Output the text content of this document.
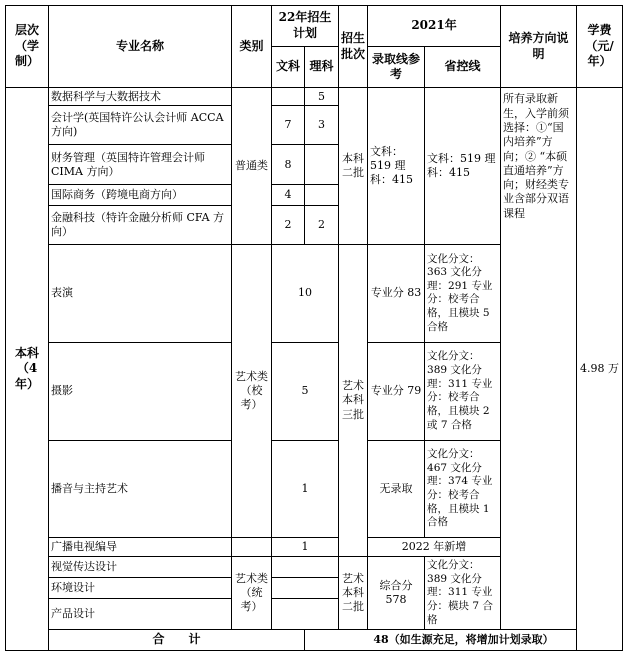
层次（学制）	专业名称	类别	22年招生计划		招生批次	2021年		培养方向说明	学费（元/年）	
			文科	理科		录取线参考	省控线			
本科（4年）	数据科学与大数据技术	普通类		5	本科二批	文科：519 理科：415	文科：519 理科：415	所有录取新生，入学前须选择：①“国内培养”方向；② “本硕直通培养”方向；财经类专业含部分双语课程	4.98 万	
	会计学(英国特许公认会计师 ACCA 方向)		7	3						
	财务管理（英国特许管理会计师 CIMA 方向）		8							
	国际商务（跨境电商方向）		4							
	金融科技（特许金融分析师 CFA 方向）		2	2						
	表演	艺术类（校考）	10		艺术本科三批	专业分 83	文化分文：363 文化分理：291 专业分：校考合格，且模块 5 合格			
	摄影		5			专业分 79	文化分文：389 文化分理：311 专业分：校考合格，且模块 2 或 7 合格			
	播音与主持艺术		1			无录取	文化分文：467 文化分理：374 专业分：校考合格，且模块 1 合格			
	广播电视编导		1			2022 年新增				
	视觉传达设计	艺术类（统考）			艺术本科二批	综合分 578	文化分文：389 文化分理：311 专业分：模块 7 合格			
	环境设计									
	产品设计									
	合　　计			48（如生源充足，将增加计划录取）						
